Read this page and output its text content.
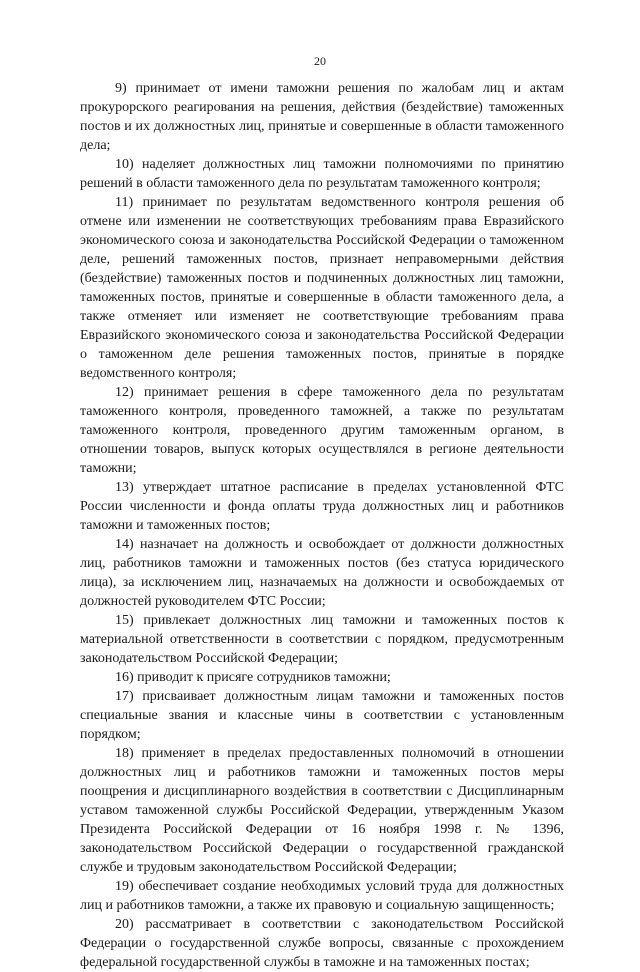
20

9) принимает от имени таможни решения по жалобам лиц и актам прокурорского реагирования на решения, действия (бездействие) таможенных постов и их должностных лиц, принятые и совершенные в области таможенного дела;

10) наделяет должностных лиц таможни полномочиями по принятию решений в области таможенного дела по результатам таможенного контроля;

11) принимает по результатам ведомственного контроля решения об отмене или изменении не соответствующих требованиям права Евразийского экономического союза и законодательства Российской Федерации о таможенном деле, решений таможенных постов, признает неправомерными действия (бездействие) таможенных постов и подчиненных должностных лиц таможни, таможенных постов, принятые и совершенные в области таможенного дела, а также отменяет или изменяет не соответствующие требованиям права Евразийского экономического союза и законодательства Российской Федерации о таможенном деле решения таможенных постов, принятые в порядке ведомственного контроля;

12) принимает решения в сфере таможенного дела по результатам таможенного контроля, проведенного таможней, а также по результатам таможенного контроля, проведенного другим таможенным органом, в отношении товаров, выпуск которых осуществлялся в регионе деятельности таможни;

13) утверждает штатное расписание в пределах установленной ФТС России численности и фонда оплаты труда должностных лиц и работников таможни и таможенных постов;

14) назначает на должность и освобождает от должности должностных лиц, работников таможни и таможенных постов (без статуса юридического лица), за исключением лиц, назначаемых на должности и освобождаемых от должностей руководителем ФТС России;

15) привлекает должностных лиц таможни и таможенных постов к материальной ответственности в соответствии с порядком, предусмотренным законодательством Российской Федерации;

16) приводит к присяге сотрудников таможни;

17) присваивает должностным лицам таможни и таможенных постов специальные звания и классные чины в соответствии с установленным порядком;

18) применяет в пределах предоставленных полномочий в отношении должностных лиц и работников таможни и таможенных постов меры поощрения и дисциплинарного воздействия в соответствии с Дисциплинарным уставом таможенной службы Российской Федерации, утвержденным Указом Президента Российской Федерации от 16 ноября 1998 г. № 1396, законодательством Российской Федерации о государственной гражданской службе и трудовым законодательством Российской Федерации;

19) обеспечивает создание необходимых условий труда для должностных лиц и работников таможни, а также их правовую и социальную защищенность;

20) рассматривает в соответствии с законодательством Российской Федерации о государственной службе вопросы, связанные с прохождением федеральной государственной службы в таможне и на таможенных постах;
